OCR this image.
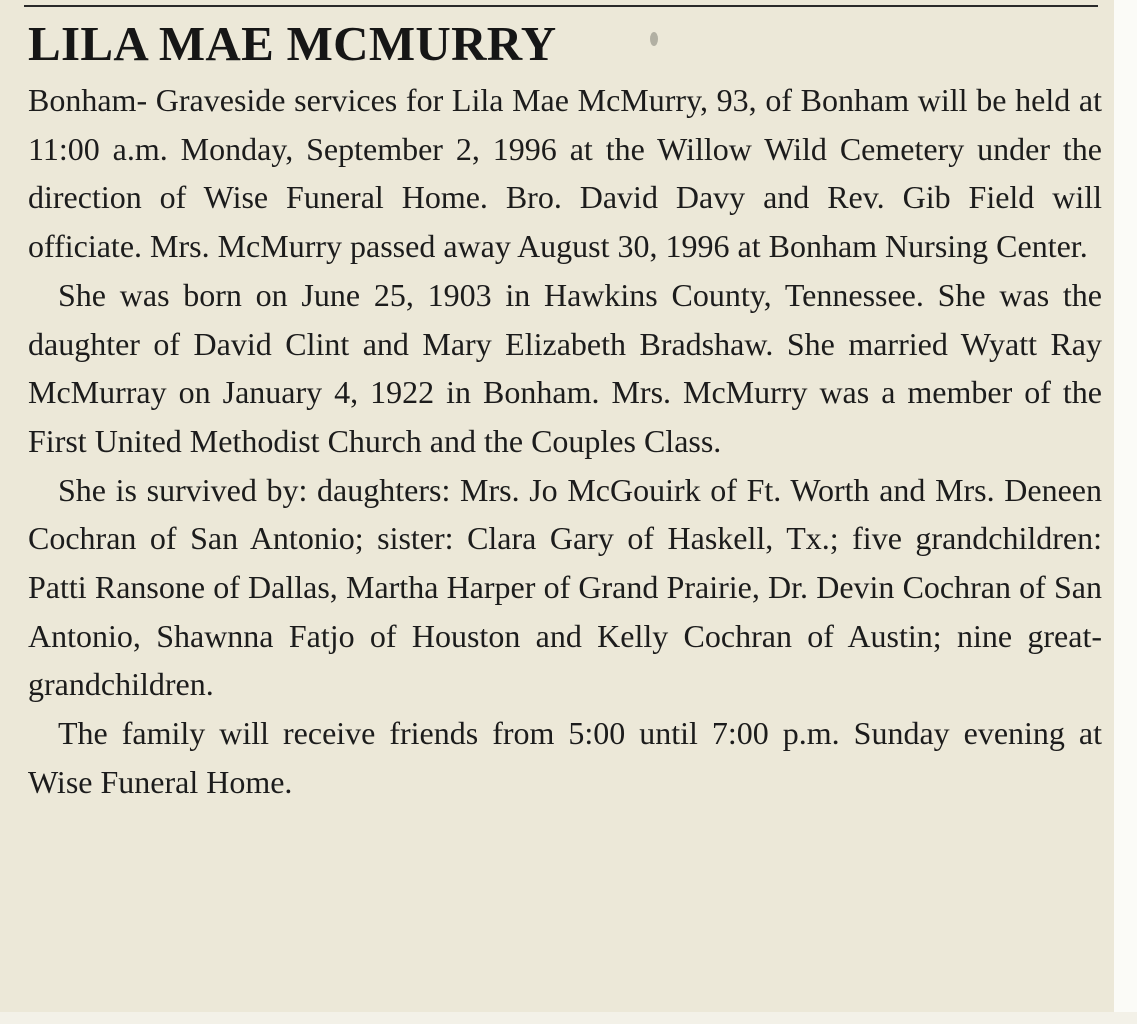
LILA MAE MCMURRY

Bonham- Graveside services for Lila Mae McMurry, 93, of Bonham will be held at 11:00 a.m. Monday, September 2, 1996 at the Willow Wild Cemetery under the direction of Wise Funeral Home. Bro. David Davy and Rev. Gib Field will officiate. Mrs. McMurry passed away August 30, 1996 at Bonham Nursing Center.

She was born on June 25, 1903 in Hawkins County, Tennessee. She was the daughter of David Clint and Mary Elizabeth Bradshaw. She married Wyatt Ray McMurray on January 4, 1922 in Bonham. Mrs. McMurry was a member of the First United Methodist Church and the Couples Class.

She is survived by: daughters: Mrs. Jo McGouirk of Ft. Worth and Mrs. Deneen Cochran of San Antonio; sister: Clara Gary of Haskell, Tx.; five grandchildren: Patti Ransone of Dallas, Martha Harper of Grand Prairie, Dr. Devin Cochran of San Antonio, Shawnna Fatjo of Houston and Kelly Cochran of Austin; nine great-grandchildren.

The family will receive friends from 5:00 until 7:00 p.m. Sunday evening at Wise Funeral Home.
